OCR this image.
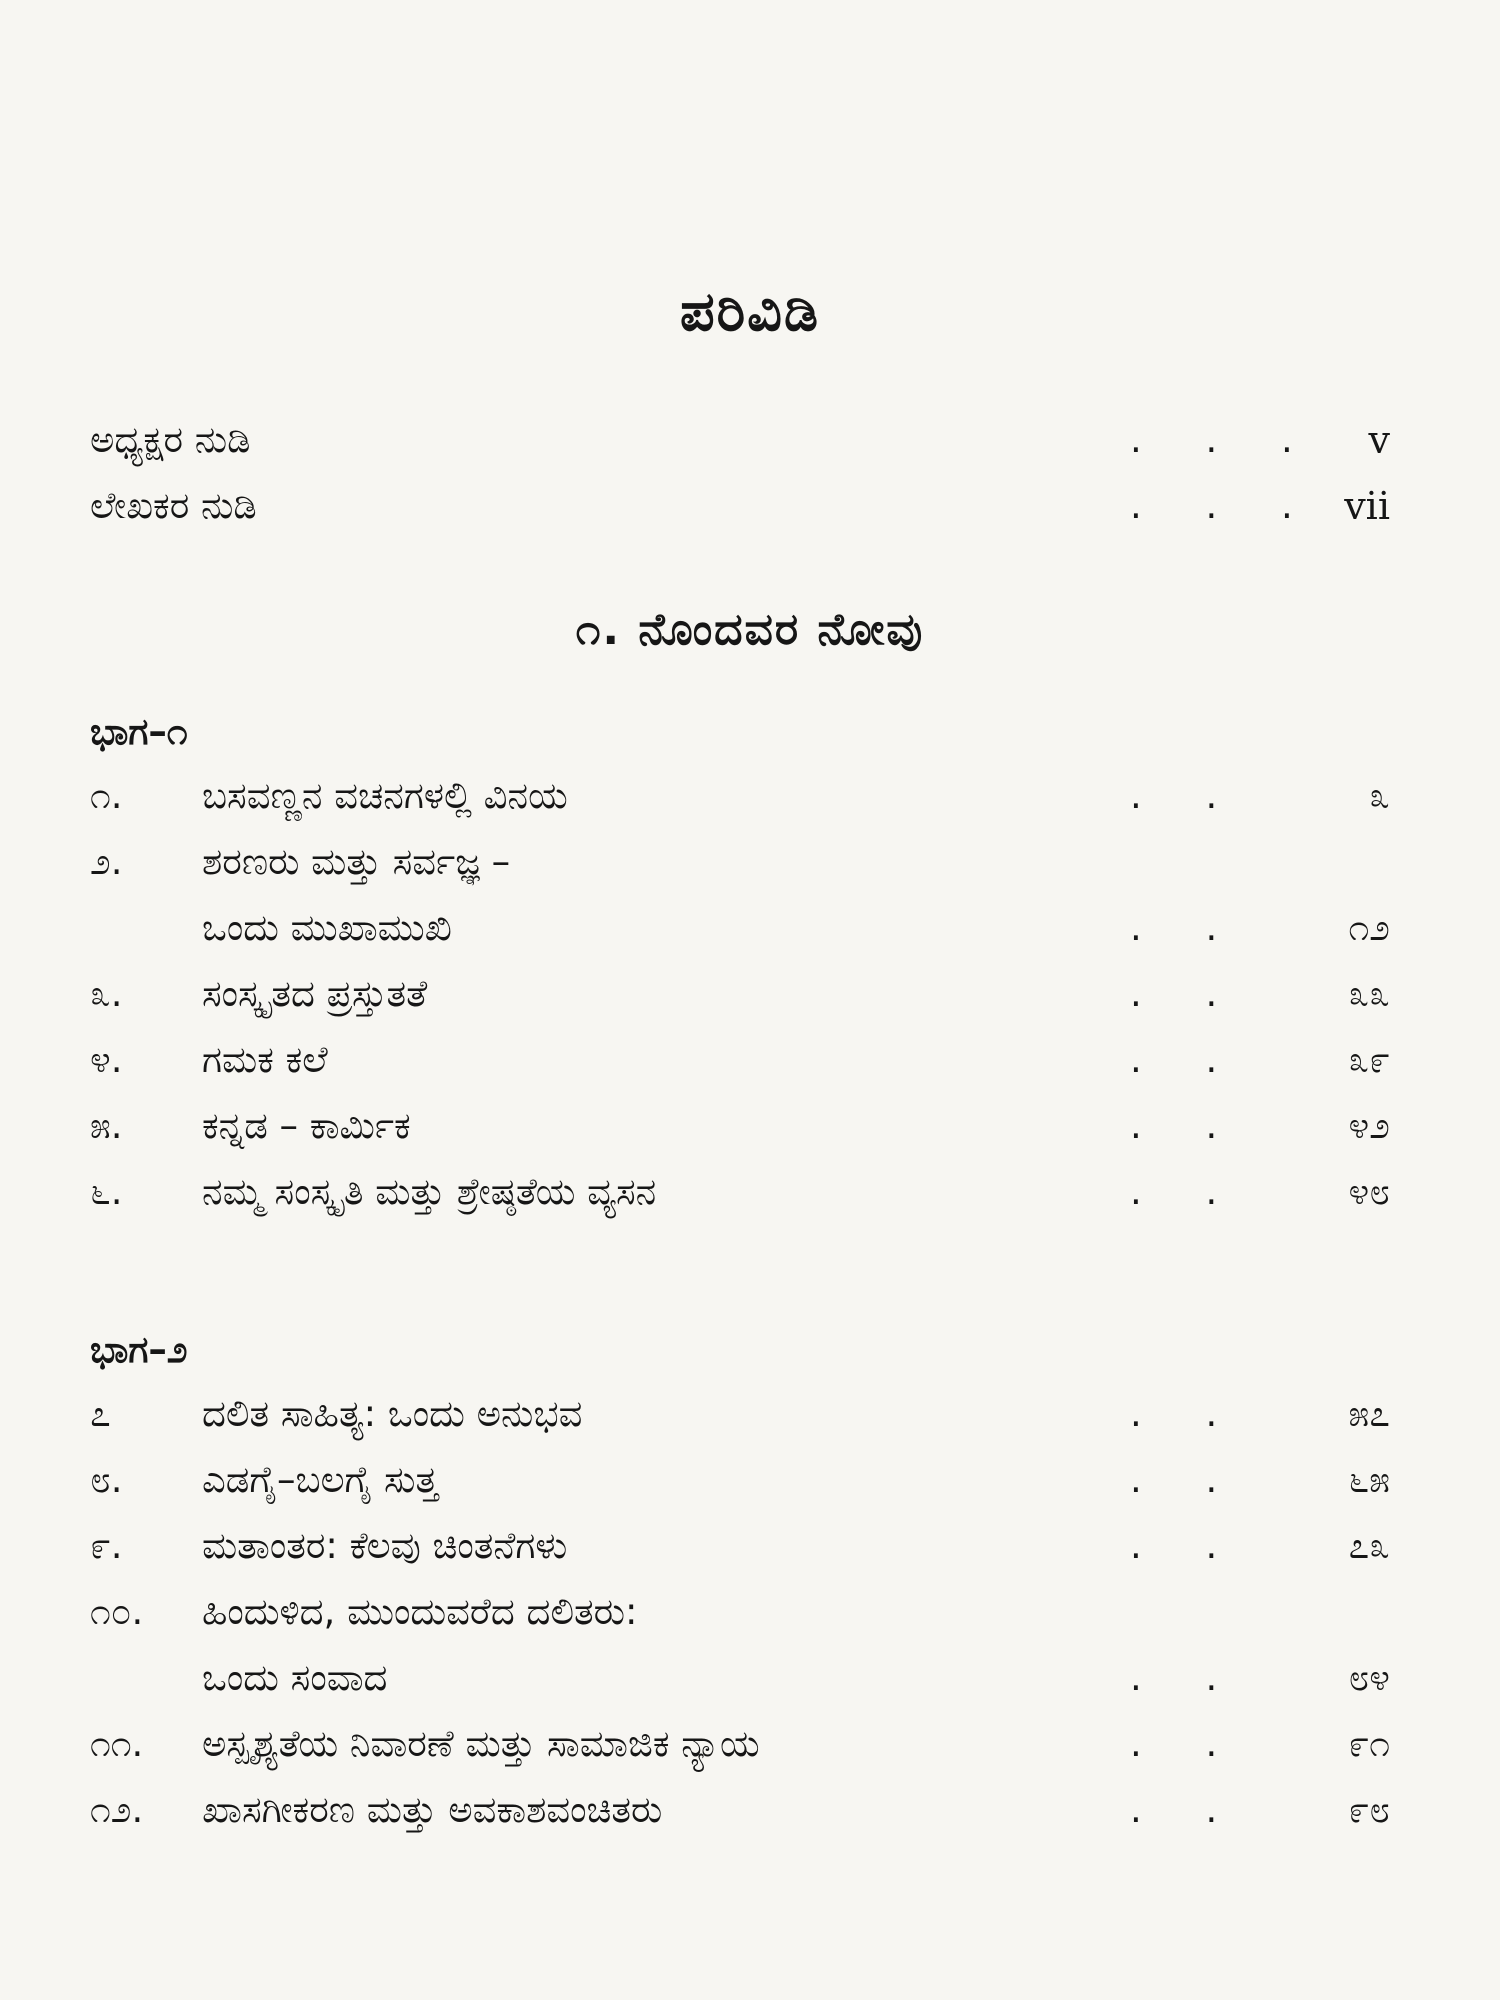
ಪರಿವಿಡಿ
ಅಧ್ಯಕ್ಷರ ನುಡಿ	. . .	v
ಲೇಖಕರ ನುಡಿ	. . . vii
೧. ನೊಂದವರ ನೋವು
ಭಾಗ–೧
೧. ಬಸವಣ್ಣನ ವಚನಗಳಲ್ಲಿ ವಿನಯ	. .	೩
೨. ಶರಣರು ಮತ್ತು ಸರ್ವಜ್ಞ –
ಒಂದು ಮುಖಾಮುಖಿ	. .	೧೨
೩. ಸಂಸ್ಕೃತದ ಪ್ರಸ್ತುತತೆ	. .	೩೩
೪. ಗಮಕ ಕಲೆ	. .	೩೯
೫. ಕನ್ನಡ – ಕಾರ್ಮಿಕ	. .	೪೨
೬. ನಮ್ಮ ಸಂಸ್ಕೃತಿ ಮತ್ತು ಶ್ರೇಷ್ಠತೆಯ ವ್ಯಸನ	. .	೪೮
ಭಾಗ–೨
೭ ದಲಿತ ಸಾಹಿತ್ಯ: ಒಂದು ಅನುಭವ	. .	೫೭
೮. ಎಡಗೈ–ಬಲಗೈ ಸುತ್ತ	. .	೬೫
೯. ಮತಾಂತರ: ಕೆಲವು ಚಿಂತನೆಗಳು	. .	೭೩
೧೦. ಹಿಂದುಳಿದ, ಮುಂದುವರೆದ ದಲಿತರು:
ಒಂದು ಸಂವಾದ	. .	೮೪
೧೧. ಅಸ್ಪೃಶ್ಯತೆಯ ನಿವಾರಣೆ ಮತ್ತು ಸಾಮಾಜಿಕ ನ್ಯಾಯ	. .	೯೧
೧೨. ಖಾಸಗೀಕರಣ ಮತ್ತು ಅವಕಾಶವಂಚಿತರು	. .	೯೮
